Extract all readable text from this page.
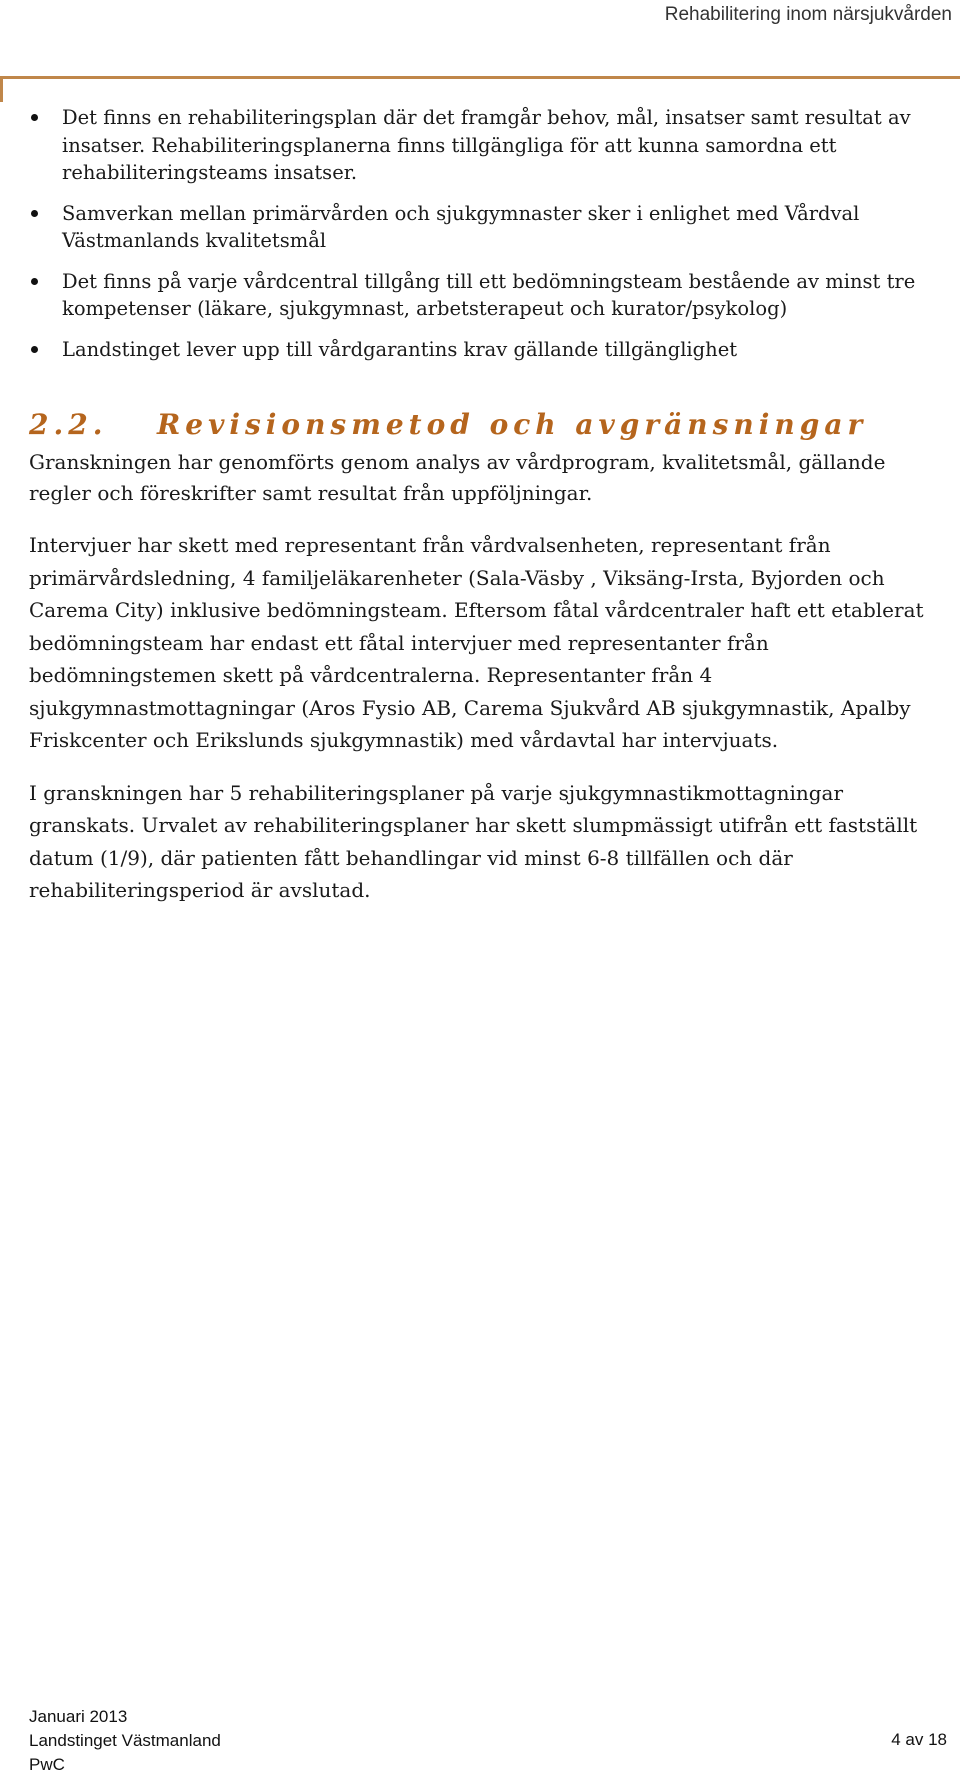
Rehabilitering inom närsjukvården
Det finns en rehabiliteringsplan där det framgår behov, mål, insatser samt resultat av insatser. Rehabiliteringsplanerna finns tillgängliga för att kunna samordna ett rehabiliteringsteams insatser.
Samverkan mellan primärvården och sjukgymnaster sker i enlighet med Vårdval Västmanlands kvalitetsmål
Det finns på varje vårdcentral tillgång till ett bedömningsteam bestående av minst tre kompetenser (läkare, sjukgymnast, arbetsterapeut och kurator/psykolog)
Landstinget lever upp till vårdgarantins krav gällande tillgänglighet
2.2. Revisionsmetod och avgränsningar

Granskningen har genomförts genom analys av vårdprogram, kvalitetsmål, gällande regler och föreskrifter samt resultat från uppföljningar.

Intervjuer har skett med representant från vårdvalsenheten, representant från primärvårdsledning, 4 familjeläkarenheter (Sala-Väsby , Viksäng-Irsta, Byjorden och Carema City) inklusive bedömningsteam. Eftersom fåtal vårdcentraler haft ett etablerat bedömningsteam har endast ett fåtal intervjuer med representanter från bedömningstemen skett på vårdcentralerna. Representanter från 4 sjukgymnastmottagningar (Aros Fysio AB, Carema Sjukvård AB sjukgymnastik, Apalby Friskcenter och Erikslunds sjukgymnastik) med vårdavtal har intervjuats.

I granskningen har 5 rehabiliteringsplaner på varje sjukgymnastikmottagningar granskats. Urvalet av rehabiliteringsplaner har skett slumpmässigt utifrån ett fastställt datum (1/9), där patienten fått behandlingar vid minst 6-8 tillfällen och där rehabiliteringsperiod är avslutad.

Januari 2013
Landstinget Västmanland
PwC
4 av 18
